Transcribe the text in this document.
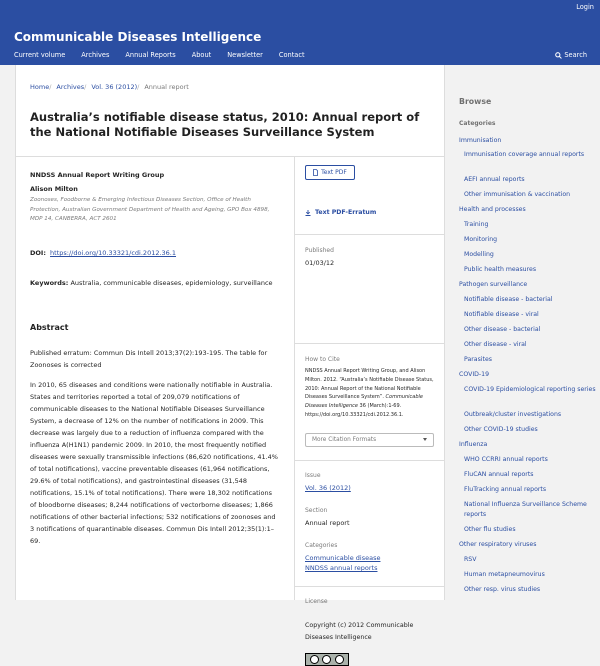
Login
Communicable Diseases Intelligence
Current volume Archives Annual Reports About Newsletter Contact	Search
Home / Archives / Vol. 36 (2012) / Annual report
Australia’s notifiable disease status, 2010: Annual report of the National Notifiable Diseases Surveillance System
NNDSS Annual Report Writing Group
Alison Milton
Zoonoses, Foodborne & Emerging Infectious Diseases Section, Office of Health Protection, Australian Government Department of Health and Ageing, GPO Box 4898, MDP 14, CANBERRA, ACT 2601
DOI: https://doi.org/10.33321/cdi.2012.36.1
Keywords: Australia, communicable diseases, epidemiology, surveillance
Abstract

Published erratum: Commun Dis Intell 2013;37(2):193-195. The table for Zoonoses is corrected

In 2010, 65 diseases and conditions were nationally notifiable in Australia. States and territories reported a total of 209,079 notifications of communicable diseases to the National Notifiable Diseases Surveillance System, a decrease of 12% on the number of notifications in 2009. This decrease was largely due to a reduction of influenza compared with the influenza A(H1N1) pandemic 2009. In 2010, the most frequently notified diseases were sexually transmissible infections (86,620 notifications, 41.4% of total notifications), vaccine preventable diseases (61,964 notifications, 29.6% of total notifications), and gastrointestinal diseases (31,548 notifications, 15.1% of total notifications). There were 18,302 notifications of bloodborne diseases; 8,244 notifications of vectorborne diseases; 1,866 notifications of other bacterial infections; 532 notifications of zoonoses and 3 notifications of quarantinable diseases. Commun Dis Intell 2012;35(1):1–69.

Text PDF
Text PDF-Erratum
Published
01/03/12
How to Cite
NNDSS Annual Report Writing Group, and Alison Milton. 2012. “Australia’s Notifiable Disease Status, 2010: Annual Report of the National Notifiable Diseases Surveillance System”. Communicable Diseases Intelligence 36 (March):1-69. https://doi.org/10.33321/cdi.2012.36.1.
More Citation Formats
Issue
Vol. 36 (2012)
Section
Annual report
Categories
Communicable disease
NNDSS annual reports
License
Copyright (c) 2012 Communicable Diseases Intelligence
Browse
Categories
Immunisation
Immunisation coverage annual reports
AEFI annual reports
Other immunisation & vaccination
Health and processes
Training
Monitoring
Modelling
Public health measures
Pathogen surveillance
Notifiable disease - bacterial
Notifiable disease - viral
Other disease - bacterial
Other disease - viral
Parasites
COVID-19
COVID-19 Epidemiological reporting series
Outbreak/cluster investigations
Other COVID-19 studies
Influenza
WHO CCRRI annual reports
FluCAN annual reports
FluTracking annual reports
National Influenza Surveillance Scheme reports
Other flu studies
Other respiratory viruses
RSV
Human metapneumovirus
Other resp. virus studies
